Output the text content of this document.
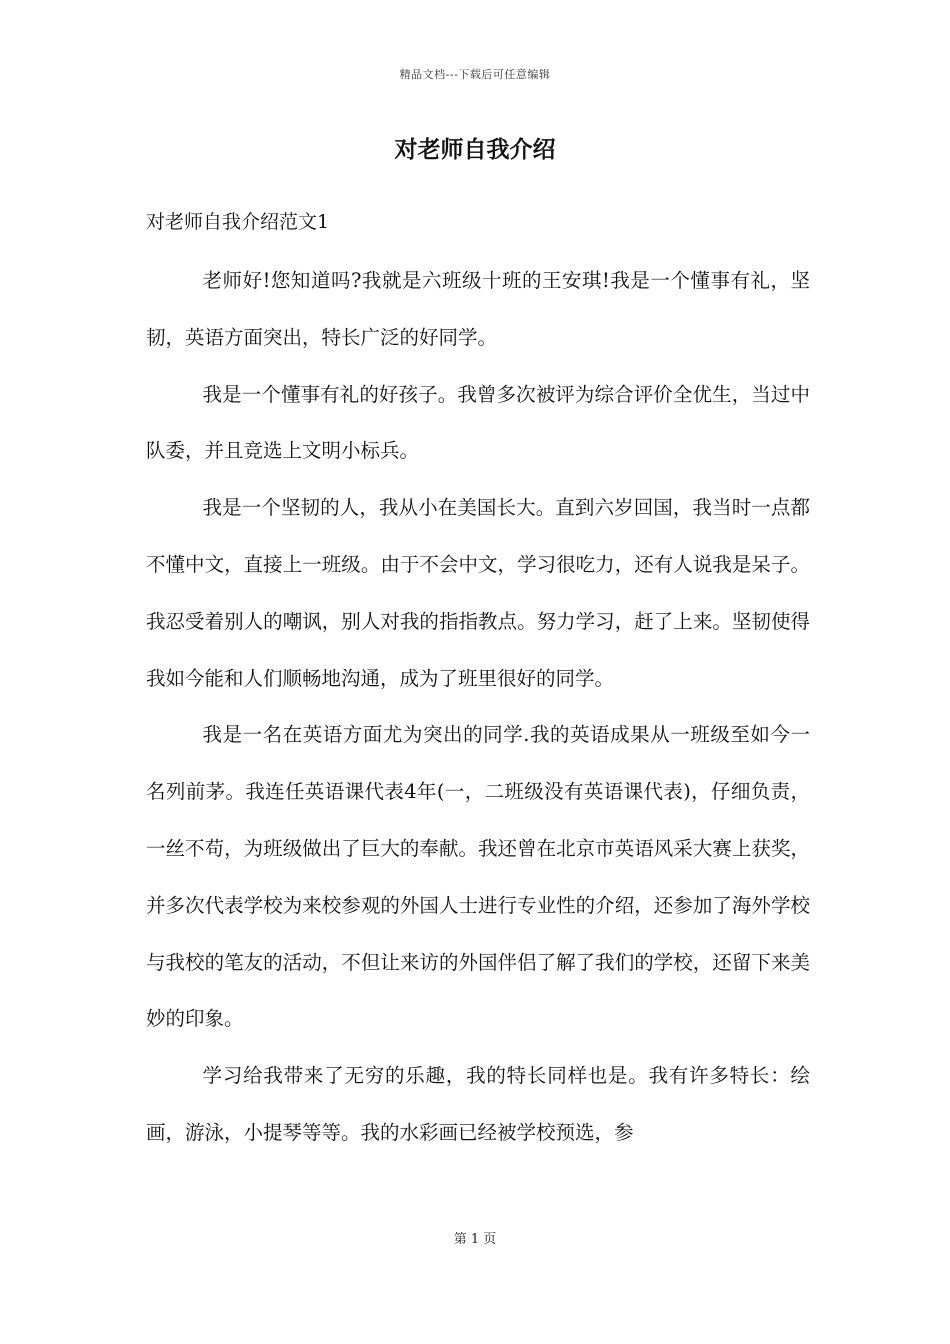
精品文档---下载后可任意编辑
对老师自我介绍

对老师自我介绍范文1

老师好!您知道吗?我就是六班级十班的王安琪!我是一个懂事有礼，坚韧，英语方面突出，特长广泛的好同学。

我是一个懂事有礼的好孩子。我曾多次被评为综合评价全优生，当过中队委，并且竞选上文明小标兵。

我是一个坚韧的人，我从小在美国长大。直到六岁回国，我当时一点都不懂中文，直接上一班级。由于不会中文，学习很吃力，还有人说我是呆子。我忍受着别人的嘲讽，别人对我的指指教点。努力学习，赶了上来。坚韧使得我如今能和人们顺畅地沟通，成为了班里很好的同学。

我是一名在英语方面尤为突出的同学.我的英语成果从一班级至如今一名列前茅。我连任英语课代表4年(一，二班级没有英语课代表)，仔细负责，一丝不苟，为班级做出了巨大的奉献。我还曾在北京市英语风采大赛上获奖，并多次代表学校为来校参观的外国人士进行专业性的介绍，还参加了海外学校与我校的笔友的活动，不但让来访的外国伴侣了解了我们的学校，还留下来美妙的印象。

学习给我带来了无穷的乐趣，我的特长同样也是。我有许多特长：绘画，游泳，小提琴等等。我的水彩画已经被学校预选，参

第 1 页
